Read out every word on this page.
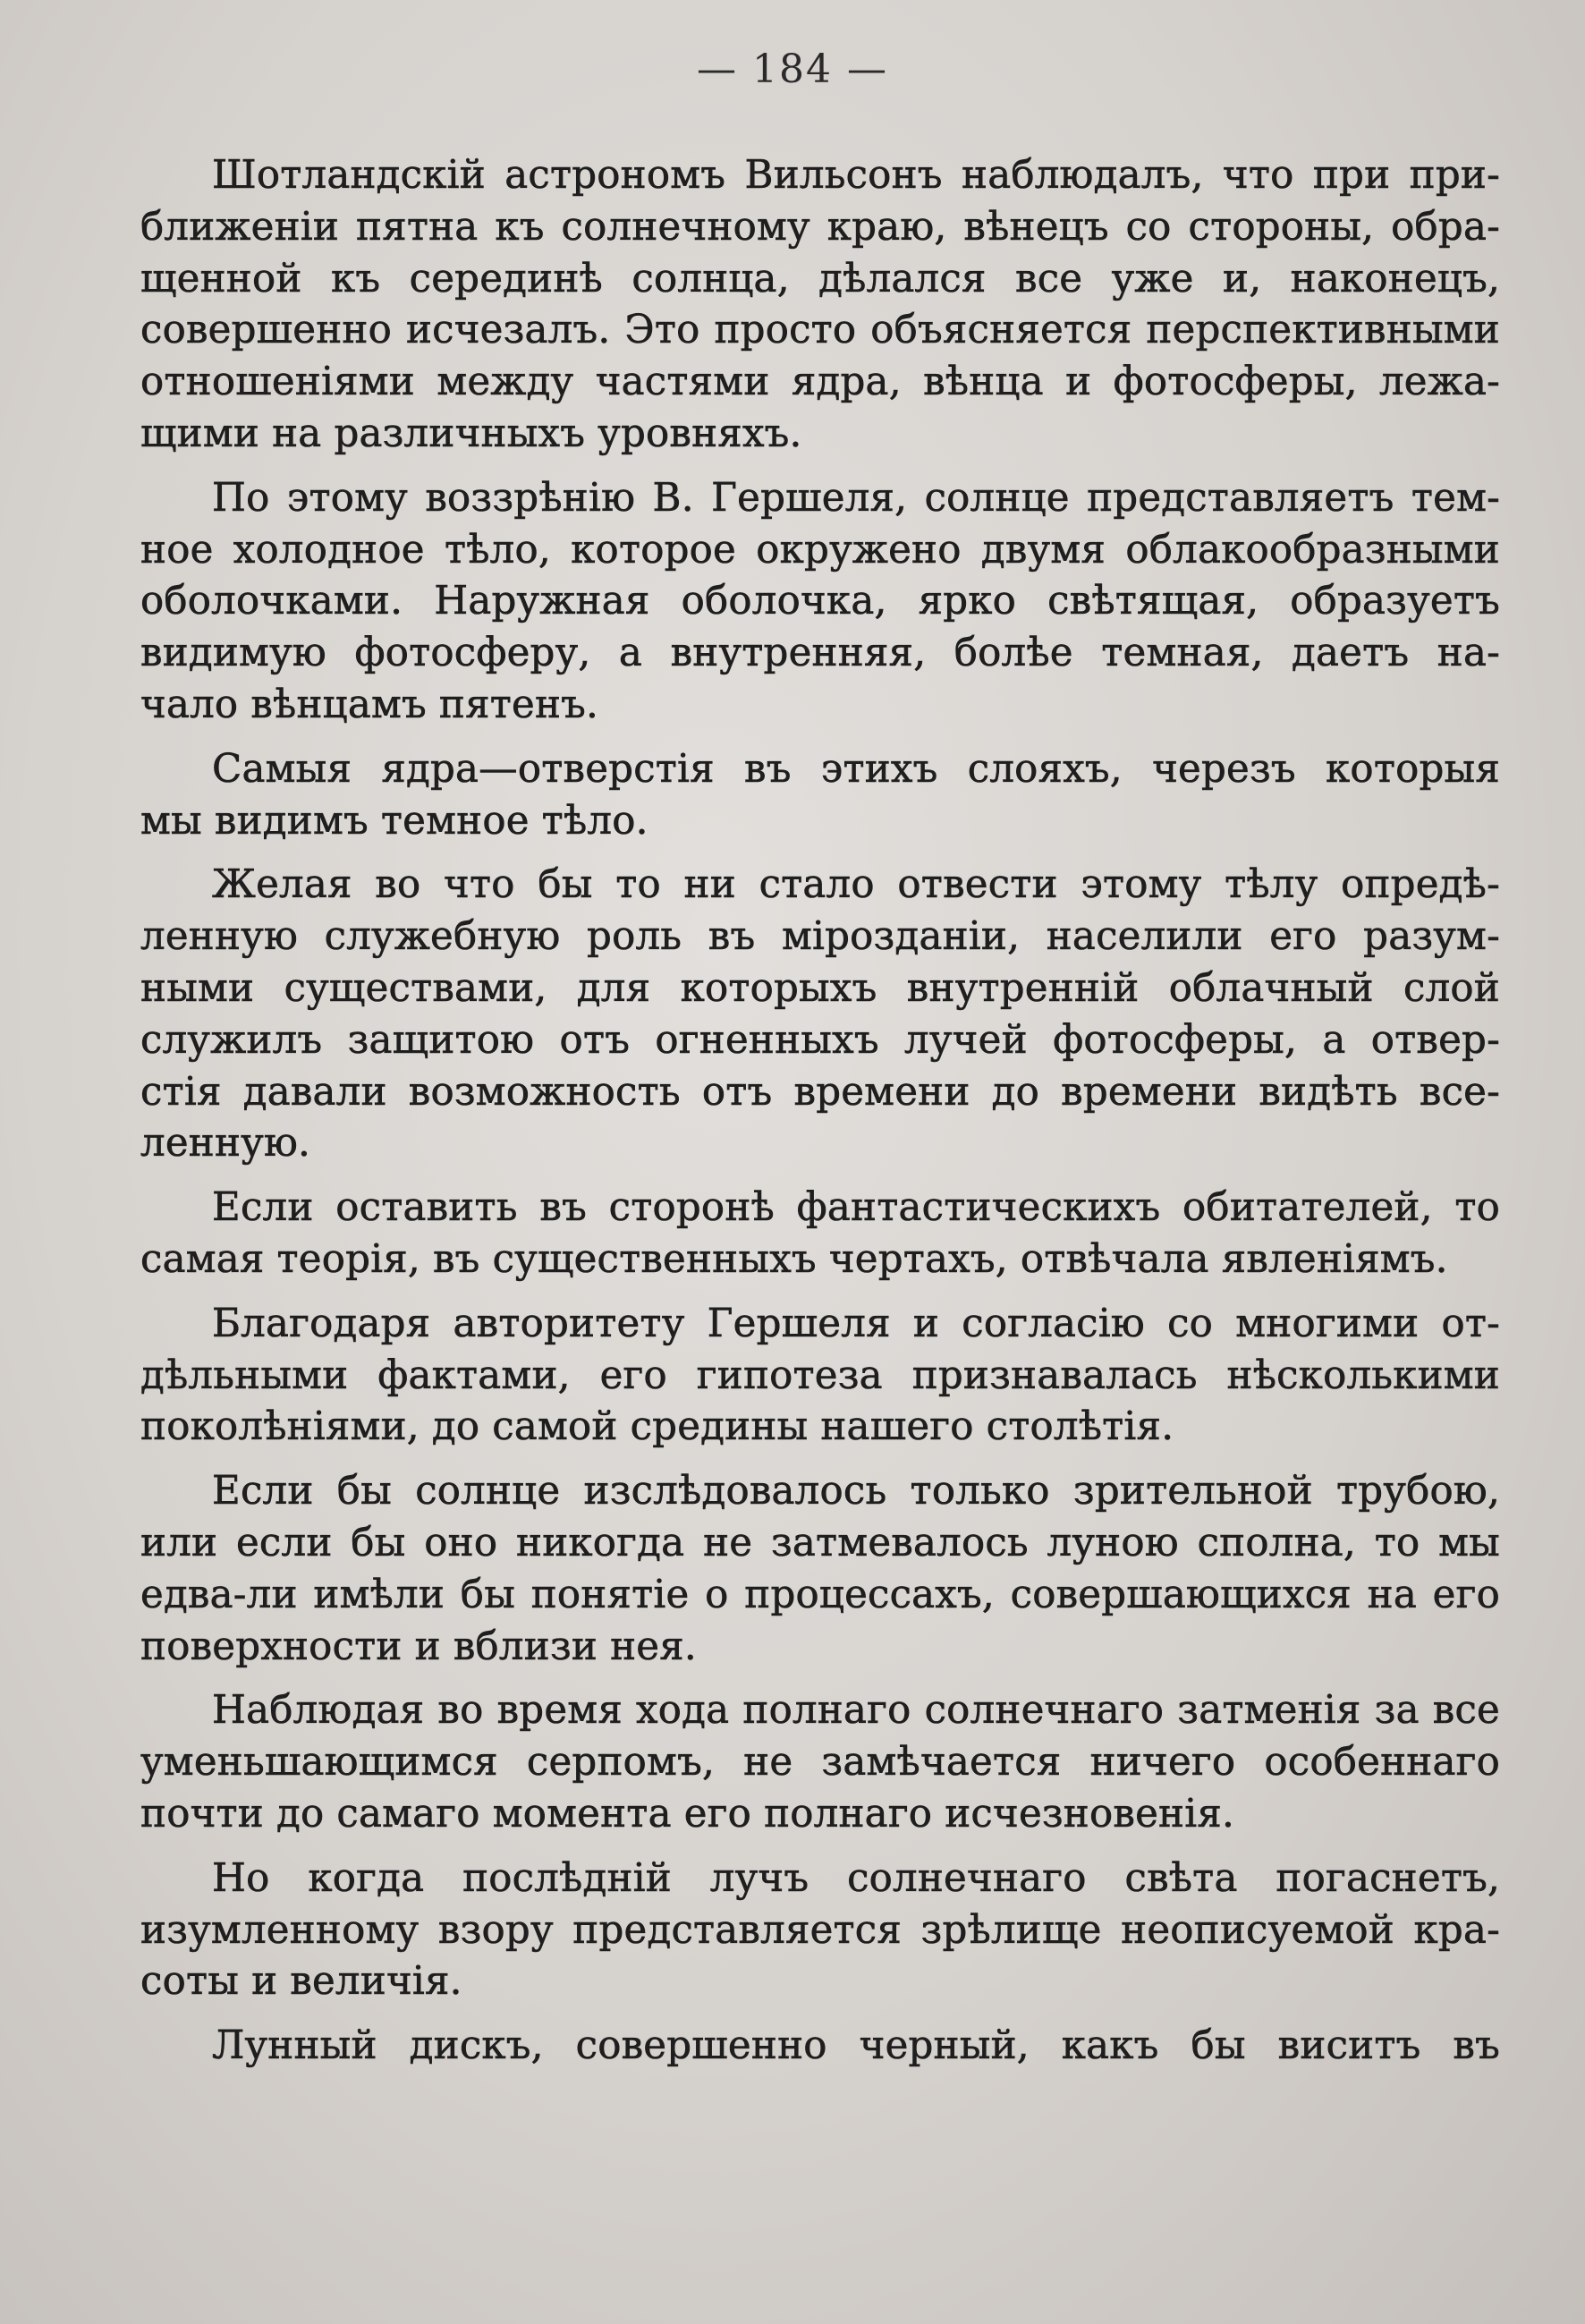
— 184 —
Шотландскій астрономъ Вильсонъ наблюдалъ, что при при-
ближеніи пятна къ солнечному краю, вѣнецъ со стороны, обра-
щенной къ серединѣ солнца, дѣлался все уже и, наконецъ,
совершенно исчезалъ. Это просто объясняется перспективными
отношеніями между частями ядра, вѣнца и фотосферы, лежа-
щими на различныхъ уровняхъ.
По этому воззрѣнію В. Гершеля, солнце представляетъ тем-
ное холодное тѣло, которое окружено двумя облакообразными
оболочками. Наружная оболочка, ярко свѣтящая, образуетъ
видимую фотосферу, а внутренняя, болѣе темная, даетъ на-
чало вѣнцамъ пятенъ.
Самыя ядра—отверстія въ этихъ слояхъ, черезъ которыя
мы видимъ темное тѣло.
Желая во что бы то ни стало отвести этому тѣлу опредѣ-
ленную служебную роль въ мірозданіи, населили его разум-
ными существами, для которыхъ внутренній облачный слой
служилъ защитою отъ огненныхъ лучей фотосферы, а отвер-
стія давали возможность отъ времени до времени видѣть все-
ленную.
Если оставить въ сторонѣ фантастическихъ обитателей, то
самая теорія, въ существенныхъ чертахъ, отвѣчала явленіямъ.
Благодаря авторитету Гершеля и согласію со многими от-
дѣльными фактами, его гипотеза признавалась нѣсколькими
поколѣніями, до самой средины нашего столѣтія.
Если бы солнце изслѣдовалось только зрительной трубою,
или если бы оно никогда не затмевалось луною сполна, то мы
едва-ли имѣли бы понятіе о процессахъ, совершающихся на его
поверхности и вблизи нея.
Наблюдая во время хода полнаго солнечнаго затменія за все
уменьшающимся серпомъ, не замѣчается ничего особеннаго
почти до самаго момента его полнаго исчезновенія.
Но когда послѣдній лучъ солнечнаго свѣта погаснетъ,
изумленному взору представляется зрѣлище неописуемой кра-
соты и величія.
Лунный дискъ, совершенно черный, какъ бы виситъ въ
